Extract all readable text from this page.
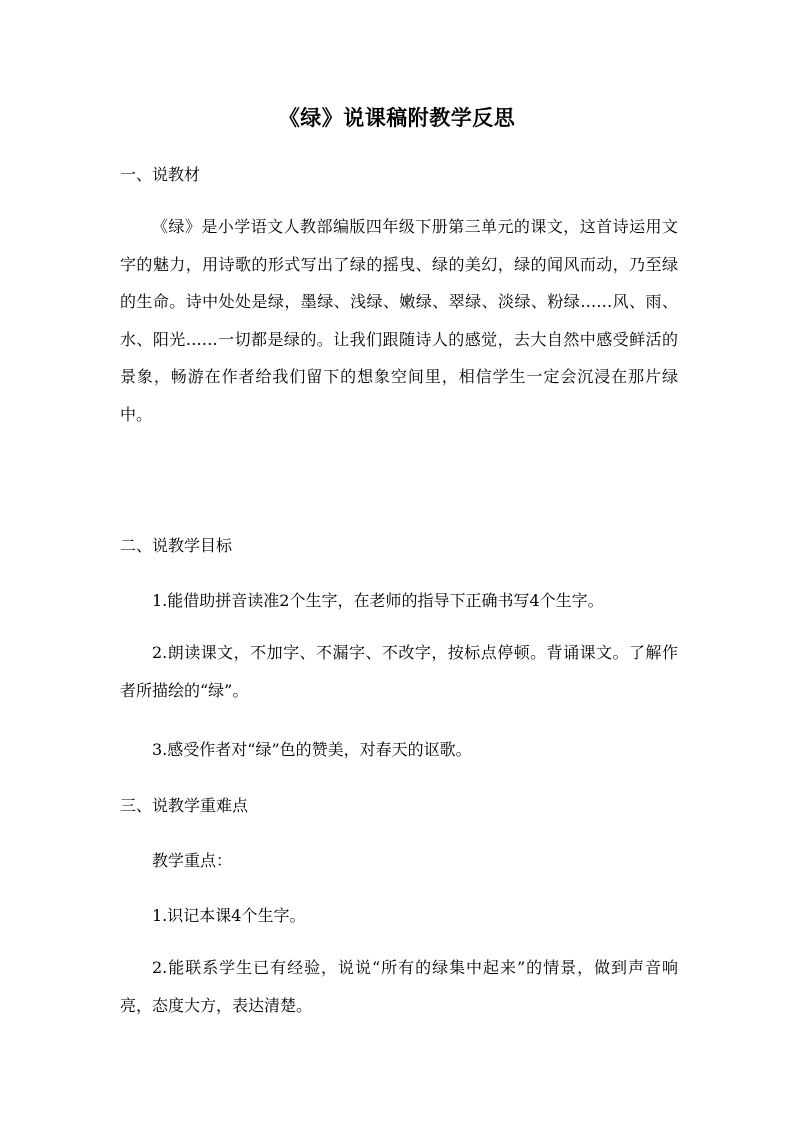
《绿》说课稿附教学反思
一、说教材
《绿》是小学语文人教部编版四年级下册第三单元的课文，这首诗运用文字的魅力，用诗歌的形式写出了绿的摇曳、绿的美幻，绿的闻风而动，乃至绿的生命。诗中处处是绿，墨绿、浅绿、嫩绿、翠绿、淡绿、粉绿……风、雨、水、阳光……一切都是绿的。让我们跟随诗人的感觉，去大自然中感受鲜活的景象，畅游在作者给我们留下的想象空间里，相信学生一定会沉浸在那片绿中。
二、说教学目标
1.能借助拼音读准2个生字，在老师的指导下正确书写4个生字。
2.朗读课文，不加字、不漏字、不改字，按标点停顿。背诵课文。了解作者所描绘的“绿”。
3.感受作者对“绿”色的赞美，对春天的讴歌。
三、说教学重难点
教学重点：
1.识记本课4个生字。
2.能联系学生已有经验，说说“所有的绿集中起来”的情景，做到声音响亮，态度大方，表达清楚。
